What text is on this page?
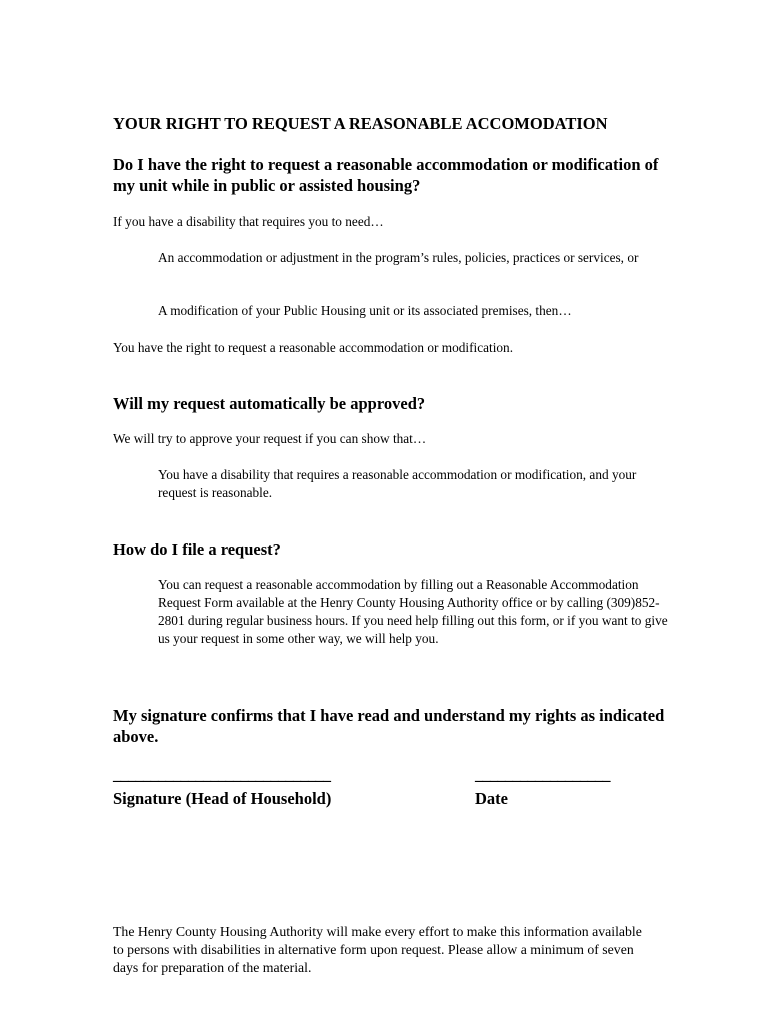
YOUR RIGHT TO REQUEST A REASONABLE ACCOMODATION
Do I have the right to request a reasonable accommodation or modification of my unit while in public or assisted housing?
If you have a disability that requires you to need…
An accommodation or adjustment in the program’s rules, policies, practices or services, or
A modification of your Public Housing unit or its associated premises, then…
You have the right to request a reasonable accommodation or modification.
Will my request automatically be approved?
We will try to approve your request if you can show that…
You have a disability that requires a reasonable accommodation or modification, and your request is reasonable.
How do I file a request?
You can request a reasonable accommodation by filling out a Reasonable Accommodation Request Form available at the Henry County Housing Authority office or by calling (309)852-2801 during regular business hours. If you need help filling out this form, or if you want to give us your request in some other way, we will help you.
My signature confirms that I have read and understand my rights as indicated above.
_____________________________	__________________
Signature (Head of Household)	Date
The Henry County Housing Authority will make every effort to make this information available to persons with disabilities in alternative form upon request. Please allow a minimum of seven days for preparation of the material.
